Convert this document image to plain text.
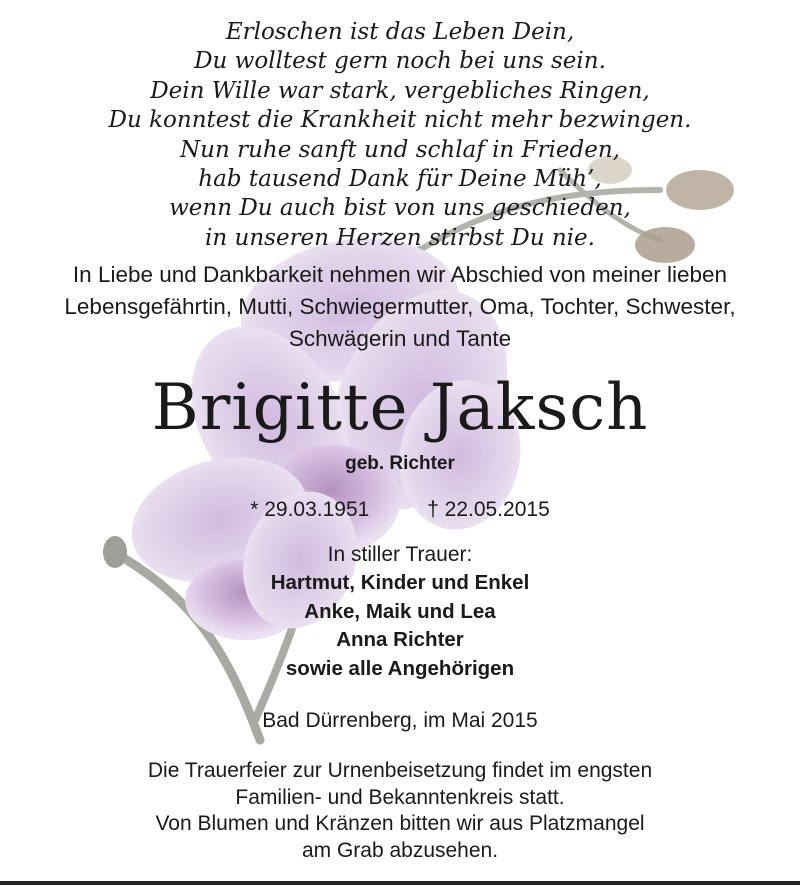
Erloschen ist das Leben Dein,

Du wolltest gern noch bei uns sein.

Dein Wille war stark, vergebliches Ringen,

Du konntest die Krankheit nicht mehr bezwingen.

Nun ruhe sanft und schlaf in Frieden,

hab tausend Dank für Deine Müh’,

wenn Du auch bist von uns geschieden,

in unseren Herzen stirbst Du nie.

In Liebe und Dankbarkeit nehmen wir Abschied von meiner lieben

Lebensgefährtin, Mutti, Schwiegermutter, Oma, Tochter, Schwester,

Schwägerin und Tante

Brigitte Jaksch
geb. Richter
* 29.03.1951	† 22.05.2015

In stiller Trauer:

Hartmut, Kinder und Enkel

Anke, Maik und Lea

Anna Richter

sowie alle Angehörigen

Bad Dürrenberg, im Mai 2015

Die Trauerfeier zur Urnenbeisetzung findet im engsten

Familien- und Bekanntenkreis statt.

Von Blumen und Kränzen bitten wir aus Platzmangel

am Grab abzusehen.
